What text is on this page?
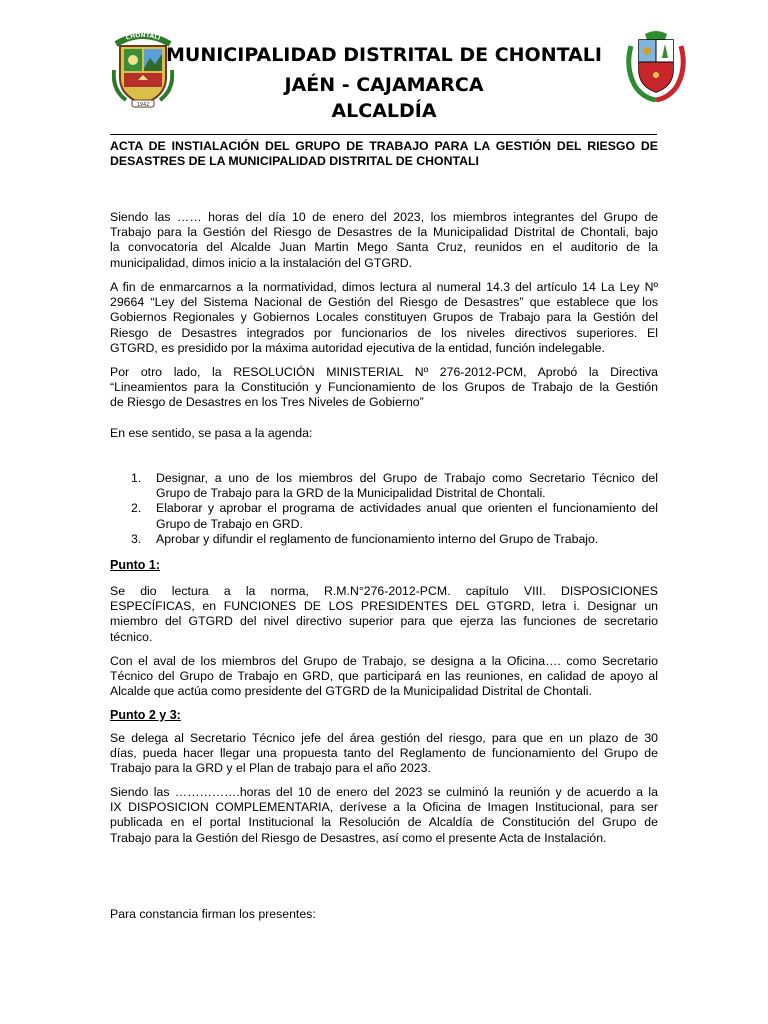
CHONTALI
1942
MUNICIPALIDAD DISTRITAL DE CHONTALI
JAÉN - CAJAMARCA
ALCALDÍA
ACTA DE INSTIALACIÓN DEL GRUPO DE TRABAJO PARA LA GESTIÓN DEL RIESGO DE
DESASTRES DE LA MUNICIPALIDAD DISTRITAL DE CHONTALI
Siendo las …… horas del día 10 de enero del 2023, los miembros integrantes del Grupo de
Trabajo para la Gestión del Riesgo de Desastres de la Municipalidad Distrital de Chontali, bajo
la convocatoria del Alcalde Juan Martin Mego Santa Cruz, reunidos en el auditorio de la
municipalidad, dimos inicio a la instalación del GTGRD.
A fin de enmarcarnos a la normatividad, dimos lectura al numeral 14.3 del artículo 14 La Ley Nº
29664 “Ley del Sistema Nacional de Gestión del Riesgo de Desastres” que establece que los
Gobiernos Regionales y Gobiernos Locales constituyen Grupos de Trabajo para la Gestión del
Riesgo de Desastres integrados por funcionarios de los niveles directivos superiores. El
GTGRD, es presidido por la máxima autoridad ejecutiva de la entidad, función indelegable.
Por otro lado, la RESOLUCIÓN MINISTERIAL Nº 276-2012-PCM, Aprobó la Directiva
“Lineamientos para la Constitución y Funcionamiento de los Grupos de Trabajo de la Gestión
de Riesgo de Desastres en los Tres Niveles de Gobierno”
En ese sentido, se pasa a la agenda:
1. Designar, a uno de los miembros del Grupo de Trabajo como Secretario Técnico del
Grupo de Trabajo para la GRD de la Municipalidad Distrital de Chontali.
2. Elaborar y aprobar el programa de actividades anual que orienten el funcionamiento del
Grupo de Trabajo en GRD.
3. Aprobar y difundir el reglamento de funcionamiento interno del Grupo de Trabajo.
Punto 1:
Se dio lectura a la norma, R.M.N°276-2012-PCM. capítulo VIII. DISPOSICIONES
ESPECÍFICAS, en FUNCIONES DE LOS PRESIDENTES DEL GTGRD, letra i. Designar un
miembro del GTGRD del nivel directivo superior para que ejerza las funciones de secretario
técnico.
Con el aval de los miembros del Grupo de Trabajo, se designa a la Oficina…. como Secretario
Técnico del Grupo de Trabajo en GRD, que participará en las reuniones, en calidad de apoyo al
Alcalde que actúa como presidente del GTGRD de la Municipalidad Distrital de Chontali.
Punto 2 y 3:
Se delega al Secretario Técnico jefe del área gestión del riesgo, para que en un plazo de 30
días, pueda hacer llegar una propuesta tanto del Reglamento de funcionamiento del Grupo de
Trabajo para la GRD y el Plan de trabajo para el año 2023.
Siendo las …………….horas del 10 de enero del 2023 se culminó la reunión y de acuerdo a la
IX DISPOSICION COMPLEMENTARIA, derívese a la Oficina de Imagen Institucional, para ser
publicada en el portal Institucional la Resolución de Alcaldía de Constitución del Grupo de
Trabajo para la Gestión del Riesgo de Desastres, así como el presente Acta de Instalación.
Para constancia firman los presentes:
